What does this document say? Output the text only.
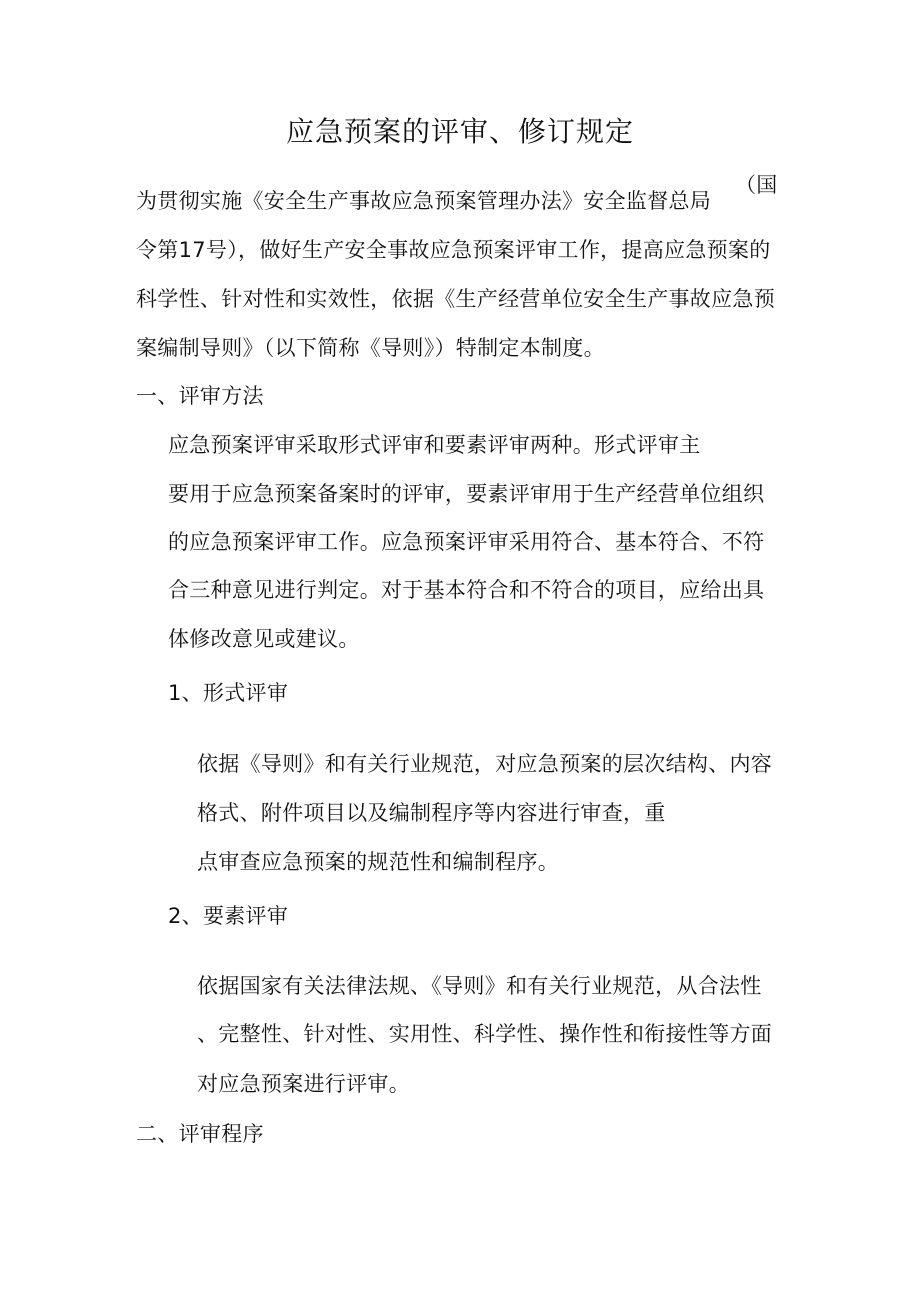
应急预案的评审、修订规定
为贯彻实施《安全生产事故应急预案管理办法》安全监督总局
（国
令第17号），做好生产安全事故应急预案评审工作，提高应急预案的
科学性、针对性和实效性，依据《生产经营单位安全生产事故应急预
案编制导则》（以下简称《导则》）特制定本制度。
一、评审方法
应急预案评审采取形式评审和要素评审两种。形式评审主
要用于应急预案备案时的评审，要素评审用于生产经营单位组织
的应急预案评审工作。应急预案评审采用符合、基本符合、不符
合三种意见进行判定。对于基本符合和不符合的项目，应给出具
体修改意见或建议。
1、形式评审
依据《导则》和有关行业规范，对应急预案的层次结构、内容
格式、附件项目以及编制程序等内容进行审查，重
点审查应急预案的规范性和编制程序。
2、要素评审
依据国家有关法律法规、《导则》和有关行业规范，从合法性
、完整性、针对性、实用性、科学性、操作性和衔接性等方面
对应急预案进行评审。
二、评审程序
